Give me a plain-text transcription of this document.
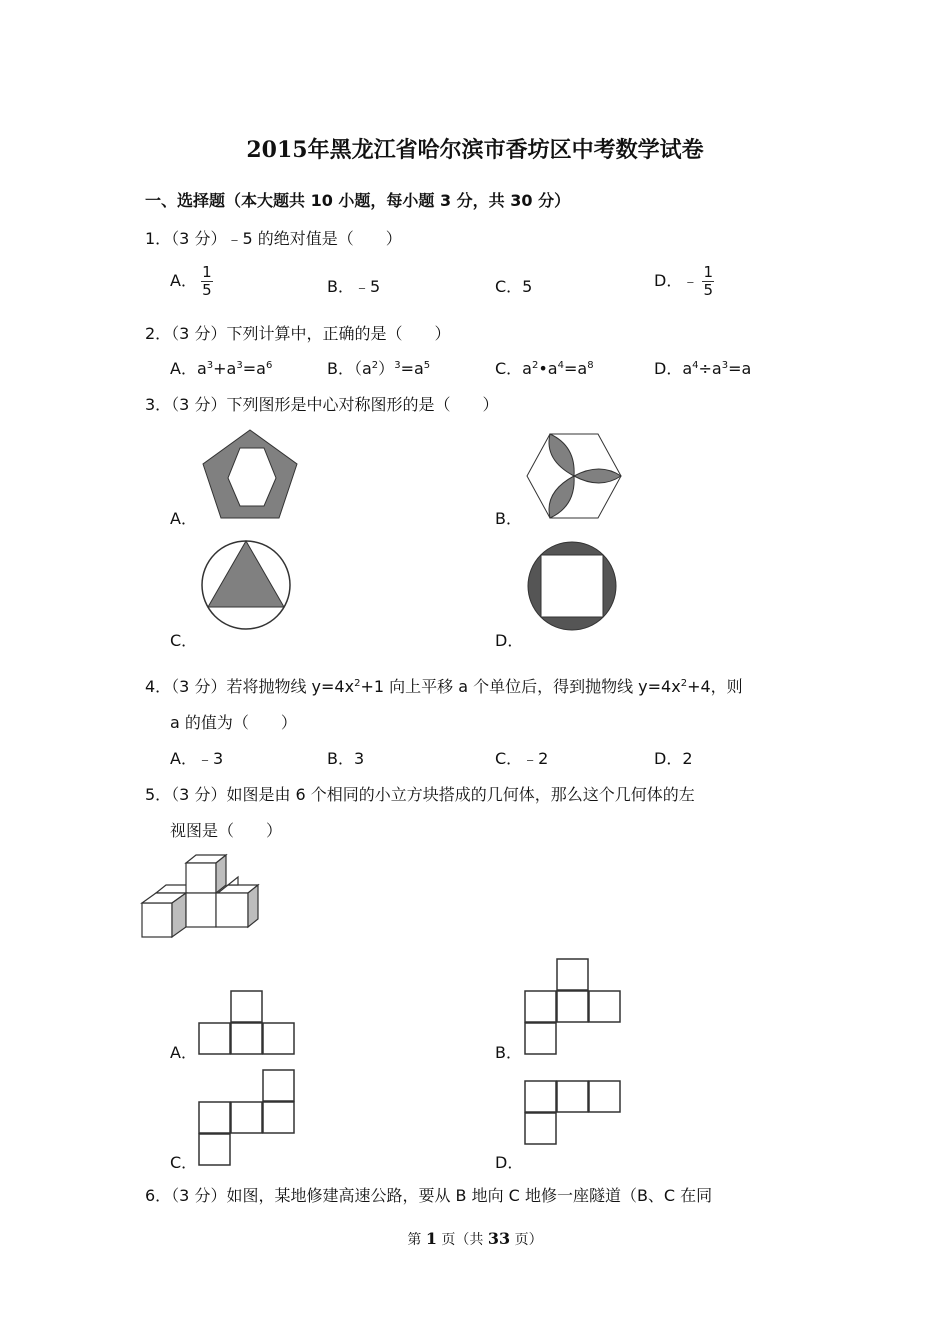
2015年黑龙江省哈尔滨市香坊区中考数学试卷
一、选择题（本大题共 10 小题，每小题 3 分，共 30 分）
1．（3 分）﹣5 的绝对值是（　　）
A． $\frac{1}{5}$	B．﹣5	C．5	D．﹣ $\frac{1}{5}$
2．（3 分）下列计算中，正确的是（　　）
A．$a^3+a^3=a^6$	B．$(a^2)^3=a^5$	C．$a^2•a^4=a^8$	D．$a^4\div a^3=a$
3．（3 分）下列图形是中心对称图形的是（　　）
A．	B．
C．	D．
4．（3 分）若将抛物线 $y=4x^2+1$ 向上平移 a 个单位后，得到抛物线 $y=4x^2+4$，则
a 的值为（　　）
A．﹣3	B．3	C．﹣2	D．2
5．（3 分）如图是由 6 个相同的小立方块搭成的几何体，那么这个几何体的左
视图是（　　）
A．	B．
C．	D．
6．（3 分）如图，某地修建高速公路，要从 B 地向 C 地修一座隧道（B、C 在同
第 1 页（共 33 页）
